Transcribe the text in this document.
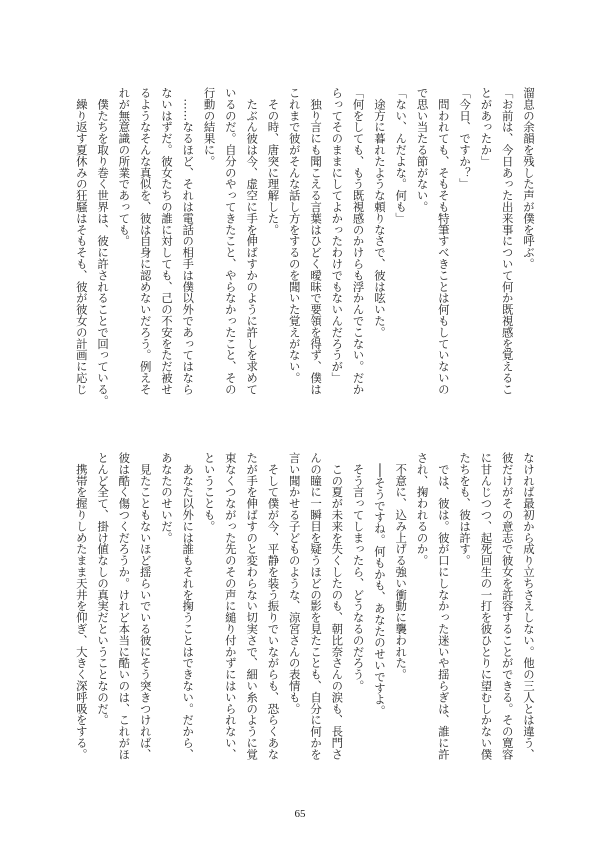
溜息の余韻を残した声が僕を呼ぶ。
「お前は、今日あった出来事について何か既視感を覚えるこ
とがあったか」
「今日、ですか？」
　問われても、そもそも特筆すべきことは何もしていないの
で思い当たる節がない。
「ない、んだよな。何も」
　途方に暮れたような頼りなさで、彼は呟いた。
「何をしても、もう既視感のかけらも浮かんでこない。だか
らってそのままにしてよかったわけでもないんだろうが」
　独り言にも聞こえる言葉はひどく曖昧で要領を得ず、僕は
これまで彼がそんな話し方をするのを聞いた覚えがない。
　その時、唐突に理解した。
　たぶん彼は今、虚空に手を伸ばすかのように許しを求めて
いるのだ。自分のやってきたこと、やらなかったこと、その
行動の結果に。
　……なるほど、それは電話の相手は僕以外であってはなら
ないはずだ。彼女たちの誰に対しても、己の不安をただ被せ
るようなそんな真似を、彼は自身に認めないだろう。例えそ
れが無意識の所業であっても。
　僕たちを取り巻く世界は、彼に許されることで回っている。
　繰り返す夏休みの狂騒はそもそも、彼が彼女の計画に応じ
なければ最初から成り立ちさえしない。他の三人とは違う、
彼だけがその意志で彼女を許容することができる。その寛容
に甘んじつつ、起死回生の一打を彼ひとりに望むしかない僕
たちをも、彼は許す。
　では、彼は。彼が口にしなかった迷いや揺らぎは、誰に許
され、掬われるのか。
　不意に、込み上げる強い衝動に襲われた。
　──そうですね。何もかも、あなたのせいですよ。
　そう言ってしまったら、どうなるのだろう。
　この夏が未来を失くしたのも、朝比奈さんの涙も、長門さ
んの瞳に一瞬目を疑うほどの影を見たことも、自分に何かを
言い聞かせる子どものような、涼宮さんの表情も。
　そして僕が今、平静を装う振りでいながらも、恐らくあな
たが手を伸ばすのと変わらない切実さで、細い糸のように覚
束なくつながった先のその声に縋り付かずにはいられない、
ということも。
　あなた以外には誰もそれを掬うことはできない。だから、
あなたのせいだ。
　見たこともないほど揺らいでいる彼にそう突きつければ、
彼は酷く傷つくだろうか。けれど本当に酷いのは、これがほ
とんど全て、掛け値なしの真実だということなのだ。
　携帯を握りしめたまま天井を仰ぎ、大きく深呼吸をする。
65
